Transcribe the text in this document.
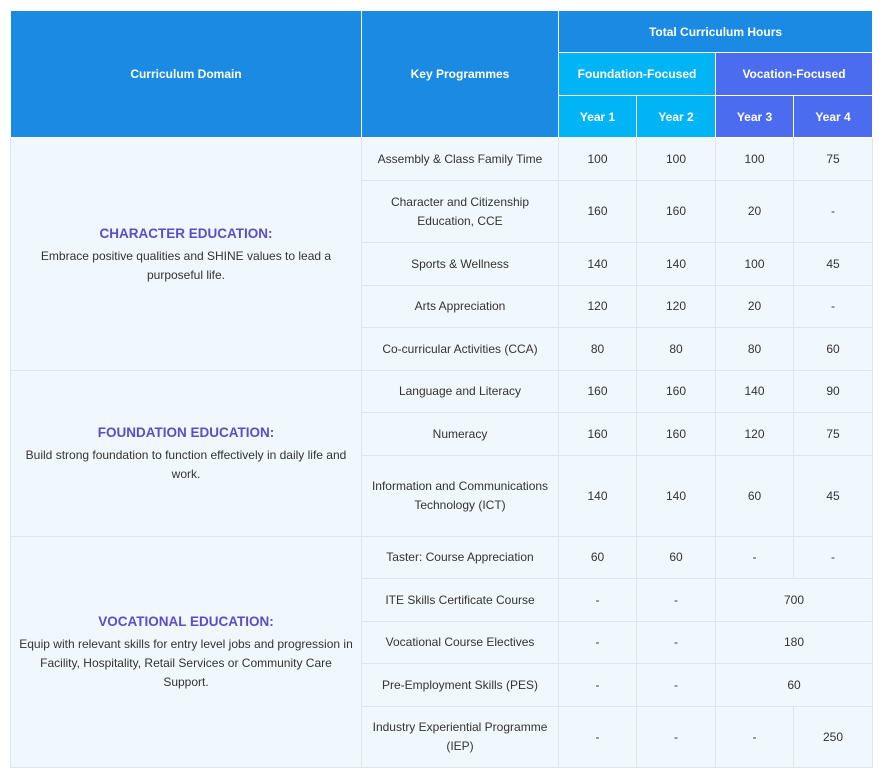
Curriculum Domain	Key Programmes	Total Curriculum Hours			
		Foundation-Focused		Vocation-Focused	
		Year 1	Year 2	Year 3	Year 4

CHARACTER EDUCATION:
Embrace positive qualities and SHINE values to lead a purposeful life.	Assembly & Class Family Time	100	100	100	75
	Character and Citizenship Education, CCE	160	160	20	-
	Sports & Wellness	140	140	100	45
	Arts Appreciation	120	120	20	-
	Co-curricular Activities (CCA)	80	80	80	60

FOUNDATION EDUCATION:
Build strong foundation to function effectively in daily life and work.	Language and Literacy	160	160	140	90
	Numeracy	160	160	120	75
	Information and Communications Technology (ICT)	140	140	60	45

VOCATIONAL EDUCATION:
Equip with relevant skills for entry level jobs and progression in Facility, Hospitality, Retail Services or Community Care Support.	Taster: Course Appreciation	60	60	-	-
	ITE Skills Certificate Course	-	-	700	
	Vocational Course Electives	-	-	180	
	Pre-Employment Skills (PES)	-	-	60	
	Industry Experiential Programme (IEP)	-	-	-	250
